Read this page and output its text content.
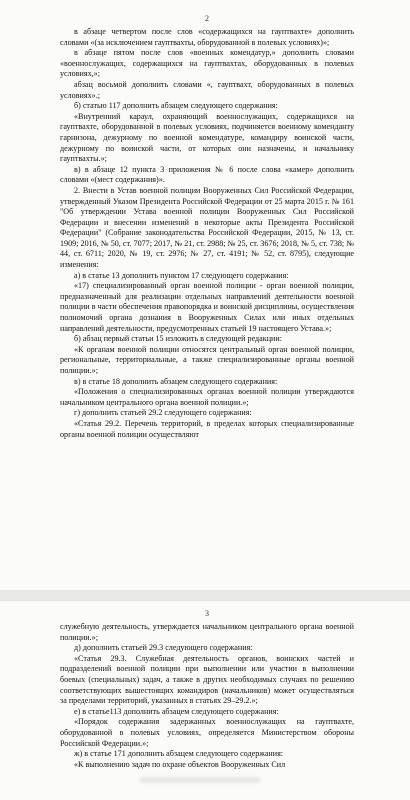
2

в абзаце четвертом после слов «содержащихся на гауптвахте» дополнить словами «(за исключением гауптвахты, оборудованной в полевых условиях)»;

в абзаце пятом после слов «военных комендатур,» дополнить словами «военнослужащих, содержащихся на гауптвахтах, оборудованных в полевых условиях,»;

абзац восьмой дополнить словами «, гауптвахт, оборудованных в полевых условиях».;

б) статью 117 дополнить абзацем следующего содержания:

«Внутренний караул, охраняющий военнослужащих, содержащихся на гауптвахте, оборудованной в полевых условиях, подчиняется военному коменданту гарнизона, дежурному по военной комендатуре, командиру воинской части, дежурному по воинской части, от которых они назначены, и начальнику гауптвахты.»;

в) в абзаце 12 пункта 3 приложения № 6 после слова «камер» дополнить словами «(мест содержания)».

2. Внести в Устав военной полиции Вооруженных Сил Российской Федерации, утвержденный Указом Президента Российской Федерации от 25 марта 2015 г. № 161 "Об утверждении Устава военной полиции Вооруженных Сил Российской Федерации и внесении изменений в некоторые акты Президента Российской Федерации" (Собрание законодательства Российской Федерации, 2015, № 13, ст. 1909; 2016, № 50, ст. 7077; 2017, № 21, ст. 2988; № 25, ст. 3676; 2018, № 5, ст. 738; № 44, ст. 6711; 2020, № 19, ст. 2976; № 27, ст. 4191; № 52, ст. 8795), следующие изменения:

а) в статье 13 дополнить пунктом 17 следующего содержания:

«17) специализированный орган военной полиции - орган военной полиции, предназначенный для реализации отдельных направлений деятельности военной полиции в части обеспечения правопорядка и воинской дисциплины, осуществления полномочий органа дознания в Вооруженных Силах или иных отдельных направлений деятельности, предусмотренных статьей 19 настоящего Устава.»;

б) абзац первый статьи 15 изложить в следующей редакции:

«К органам военной полиции относятся центральный орган военной полиции, региональные, территориальные, а также специализированные органы военной полиции.»;

в) в статье 18 дополнить абзацем следующего содержания:

«Положения о специализированных органах военной полиции утверждаются начальником центрального органа военной полиции.»;

г) дополнить статьей 29.2 следующего содержания:

«Статья 29.2. Перечень территорий, в пределах которых специализированные органы военной полиции осуществляют

3

служебную деятельность, утверждается начальником центрального органа военной полиции.»;

д) дополнить статьей 29.3 следующего содержания:

«Статья 29.3. Служебная деятельность органов, воинских частей и подразделений военной полиции при выполнении или участии в выполнении боевых (специальных) задач, а также в других необходимых случаях по решению соответствующих вышестоящих командиров (начальников) может осуществляться за пределами территорий, указанных в статьях 29–29.2.»;

е) в статье113 дополнить абзацем следующего содержания:

«Порядок содержания задержанных военнослужащих на гауптвахте, оборудованной в полевых условиях, определяется Министерством обороны Российской Федерации.»;

ж) в статье 171 дополнить абзацем следующего содержания:

«К выполнению задач по охране объектов Вооруженных Сил
